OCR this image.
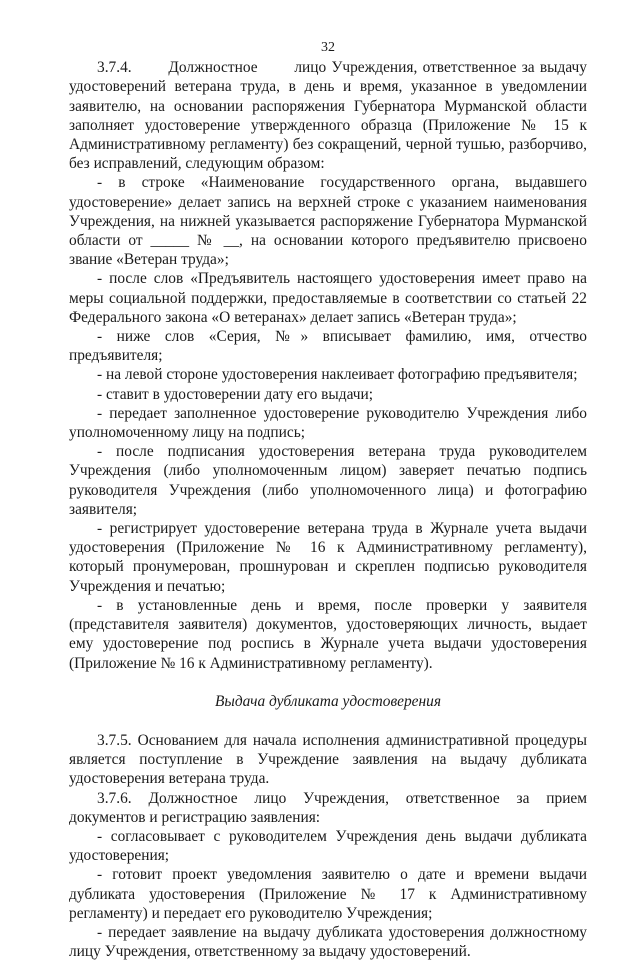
32

3.7.4.       Должностное       лицо Учреждения, ответственное за выдачу удостоверений ветерана труда, в день и время, указанное в уведомлении заявителю, на основании распоряжения Губернатора Мурманской области заполняет удостоверение утвержденного образца (Приложение № 15 к Административному регламенту) без сокращений, черной тушью, разборчиво, без исправлений, следующим образом:

- в строке «Наименование государственного органа, выдавшего удостоверение» делает запись на верхней строке с указанием наименования Учреждения, на нижней указывается распоряжение Губернатора Мурманской области от _____ № __, на основании которого предъявителю присвоено звание «Ветеран труда»;

- после слов «Предъявитель настоящего удостоверения имеет право на меры социальной поддержки, предоставляемые в соответствии со статьей 22 Федерального закона «О ветеранах» делает запись «Ветеран труда»;

- ниже слов «Серия, №» вписывает фамилию, имя, отчество предъявителя;

- на левой стороне удостоверения наклеивает фотографию предъявителя;

- ставит в удостоверении дату его выдачи;

- передает заполненное удостоверение руководителю Учреждения либо уполномоченному лицу на подпись;

- после подписания удостоверения ветерана труда руководителем Учреждения (либо уполномоченным лицом) заверяет печатью подпись руководителя Учреждения (либо уполномоченного лица) и фотографию заявителя;

- регистрирует удостоверение ветерана труда в Журнале учета выдачи удостоверения (Приложение № 16 к Административному регламенту), который пронумерован, прошнурован и скреплен подписью руководителя Учреждения и печатью;

- в установленные день и время, после проверки у заявителя (представителя заявителя) документов, удостоверяющих личность, выдает ему удостоверение под роспись в Журнале учета выдачи удостоверения (Приложение № 16 к Административному регламенту).

Выдача дубликата удостоверения

3.7.5. Основанием для начала исполнения административной процедуры является поступление в Учреждение заявления на выдачу дубликата удостоверения ветерана труда.

3.7.6. Должностное лицо Учреждения, ответственное за прием документов и регистрацию заявления:

- согласовывает с руководителем Учреждения день выдачи дубликата удостоверения;

- готовит проект уведомления заявителю о дате и времени выдачи дубликата удостоверения (Приложение № 17 к Административному регламенту) и передает его руководителю Учреждения;

- передает заявление на выдачу дубликата удостоверения должностному лицу Учреждения, ответственному за выдачу удостоверений.
